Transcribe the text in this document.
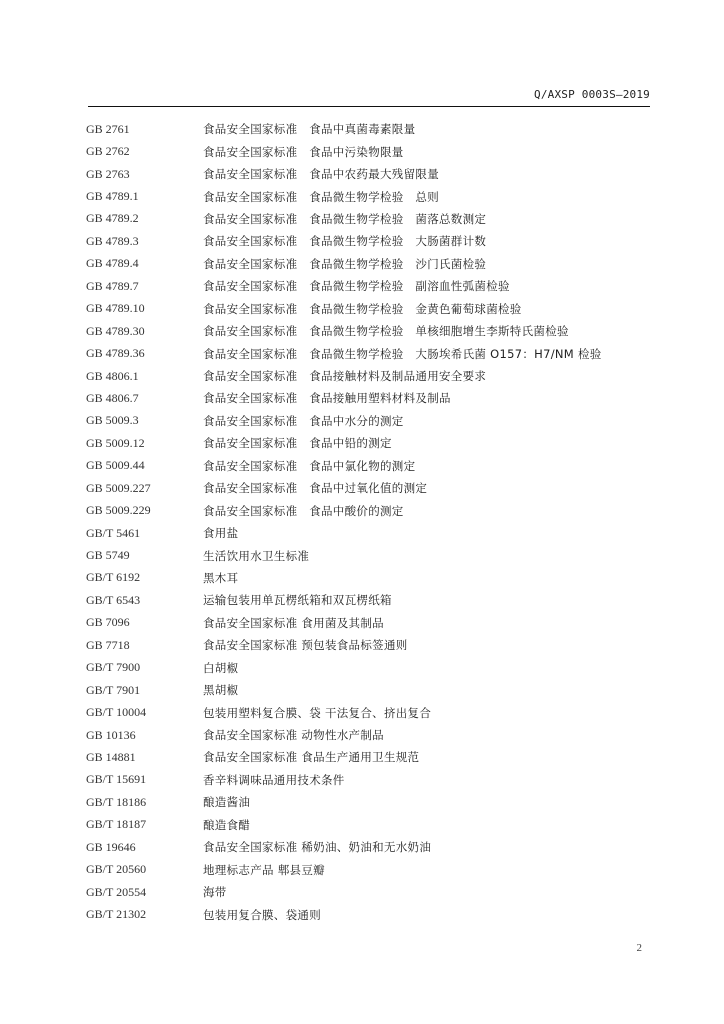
Q/AXSP 0003S—2019
GB 2761	食品安全国家标准　食品中真菌毒素限量
GB 2762	食品安全国家标准　食品中污染物限量
GB 2763	食品安全国家标准　食品中农药最大残留限量
GB 4789.1	食品安全国家标准　食品微生物学检验　总则
GB 4789.2	食品安全国家标准　食品微生物学检验　菌落总数测定
GB 4789.3	食品安全国家标准　食品微生物学检验　大肠菌群计数
GB 4789.4	食品安全国家标准　食品微生物学检验　沙门氏菌检验
GB 4789.7	食品安全国家标准　食品微生物学检验　副溶血性弧菌检验
GB 4789.10	食品安全国家标准　食品微生物学检验　金黄色葡萄球菌检验
GB 4789.30	食品安全国家标准　食品微生物学检验　单核细胞增生李斯特氏菌检验
GB 4789.36	食品安全国家标准　食品微生物学检验　大肠埃希氏菌 O157：H7/NM 检验
GB 4806.1	食品安全国家标准　食品接触材料及制品通用安全要求
GB 4806.7	食品安全国家标准　食品接触用塑料材料及制品
GB 5009.3	食品安全国家标准　食品中水分的测定
GB 5009.12	食品安全国家标准　食品中铅的测定
GB 5009.44	食品安全国家标准　食品中氯化物的测定
GB 5009.227	食品安全国家标准　食品中过氧化值的测定
GB 5009.229	食品安全国家标准　食品中酸价的测定
GB/T 5461	食用盐
GB 5749	生活饮用水卫生标准
GB/T 6192	黑木耳
GB/T 6543	运输包装用单瓦楞纸箱和双瓦楞纸箱
GB 7096	食品安全国家标准 食用菌及其制品
GB 7718	食品安全国家标准 预包装食品标签通则
GB/T 7900	白胡椒
GB/T 7901	黑胡椒
GB/T 10004	包装用塑料复合膜、袋 干法复合、挤出复合
GB 10136	食品安全国家标准 动物性水产制品
GB 14881	食品安全国家标准 食品生产通用卫生规范
GB/T 15691	香辛料调味品通用技术条件
GB/T 18186	酿造酱油
GB/T 18187	酿造食醋
GB 19646	食品安全国家标准 稀奶油、奶油和无水奶油
GB/T 20560	地理标志产品 郫县豆瓣
GB/T 20554	海带
GB/T 21302	包装用复合膜、袋通则
2
